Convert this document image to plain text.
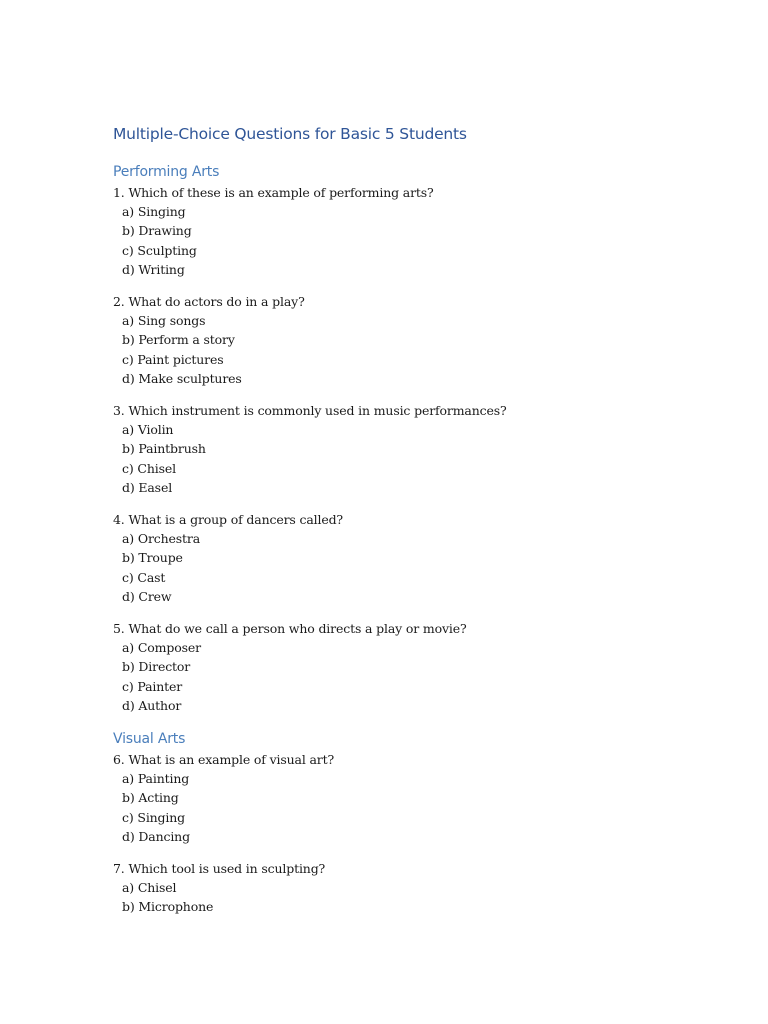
Multiple-Choice Questions for Basic 5 Students
Performing Arts
1. Which of these is an example of performing arts?
a) Singing
b) Drawing
c) Sculpting
d) Writing
2. What do actors do in a play?
a) Sing songs
b) Perform a story
c) Paint pictures
d) Make sculptures
3. Which instrument is commonly used in music performances?
a) Violin
b) Paintbrush
c) Chisel
d) Easel
4. What is a group of dancers called?
a) Orchestra
b) Troupe
c) Cast
d) Crew
5. What do we call a person who directs a play or movie?
a) Composer
b) Director
c) Painter
d) Author
Visual Arts
6. What is an example of visual art?
a) Painting
b) Acting
c) Singing
d) Dancing
7. Which tool is used in sculpting?
a) Chisel
b) Microphone
